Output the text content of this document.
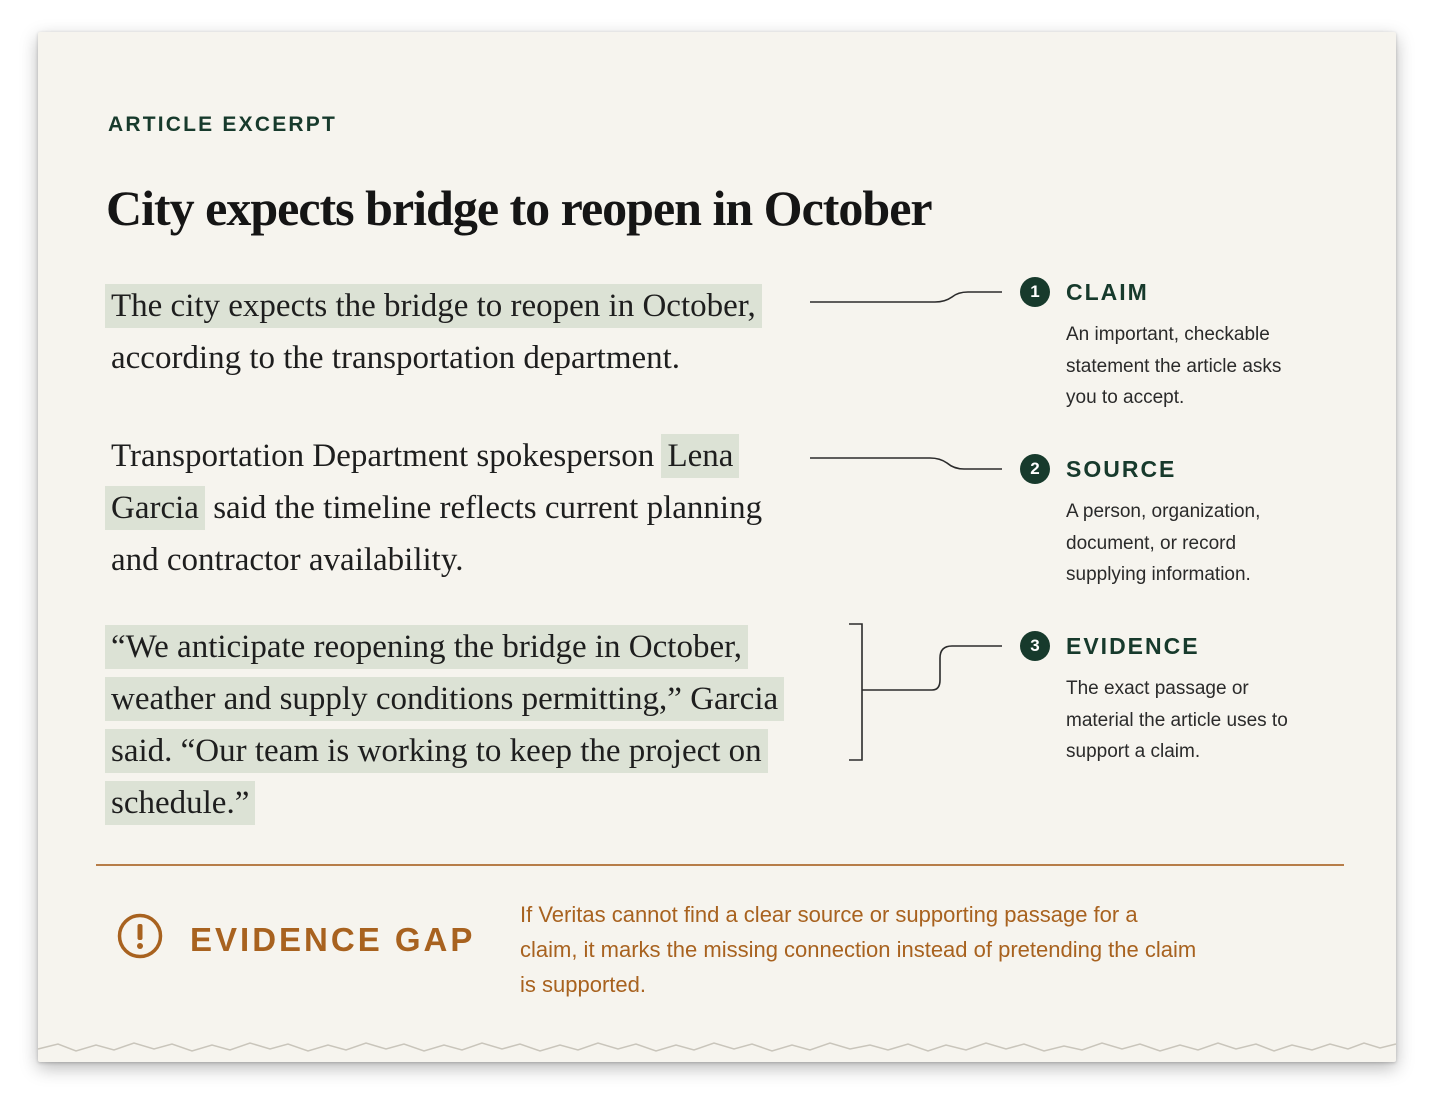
ARTICLE EXCERPT
City expects bridge to reopen in October
The city expects the bridge to reopen in October,
according to the transportation department.
Transportation Department spokesperson Lena
Garcia said the timeline reflects current planning
and contractor availability.
“We anticipate reopening the bridge in October,
weather and supply conditions permitting,” Garcia
said. “Our team is working to keep the project on
schedule.”
1	CLAIM
An important, checkable statement the article asks you to accept.
2	SOURCE
A person, organization, document, or record supplying information.
3	EVIDENCE
The exact passage or material the article uses to support a claim.
EVIDENCE GAP
If Veritas cannot find a clear source or supporting passage for a claim, it marks the missing connection instead of pretending the claim is supported.
